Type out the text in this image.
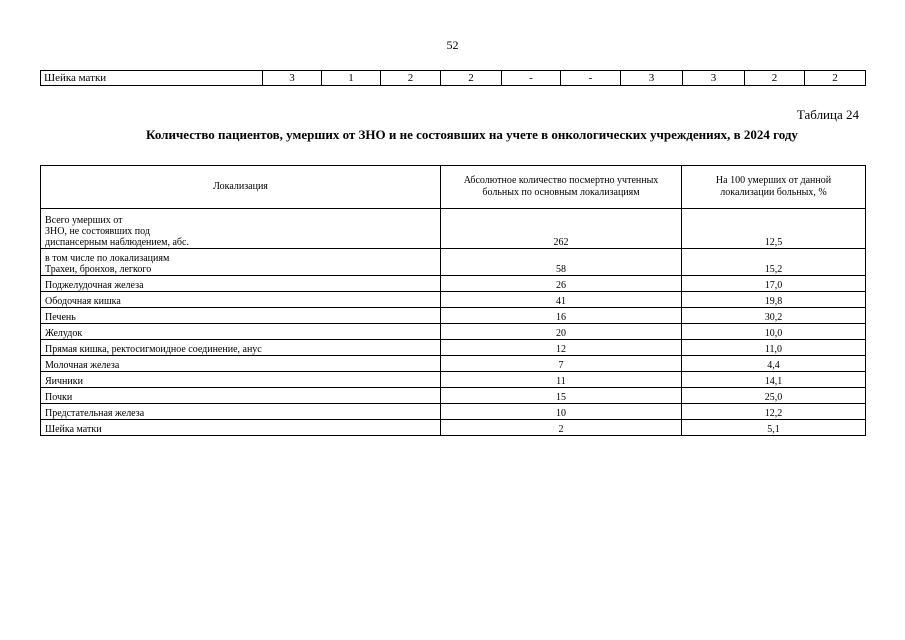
52
Шейка матки	3	1	2	2	-	-	3	3	2	2
Таблица 24
Количество пациентов, умерших от ЗНО и не состоявших на учете в онкологических учреждениях, в 2024 году
Локализация	Абсолютное количество посмертно учтенных больных по основным локализациям	На 100 умерших от данной локализации больных, %

Всего умерших от
ЗНО, не состоявших под
диспансерным наблюдением, абс.	262	12,5

в том числе по локализациям
Трахеи, бронхов, легкого	58	15,2
Поджелудочная железа	26	17,0
Ободочная кишка	41	19,8
Печень	16	30,2
Желудок	20	10,0
Прямая кишка, ректосигмоидное соединение, анус	12	11,0
Молочная железа	7	4,4
Яичники	11	14,1
Почки	15	25,0
Предстательная железа	10	12,2
Шейка матки	2	5,1
